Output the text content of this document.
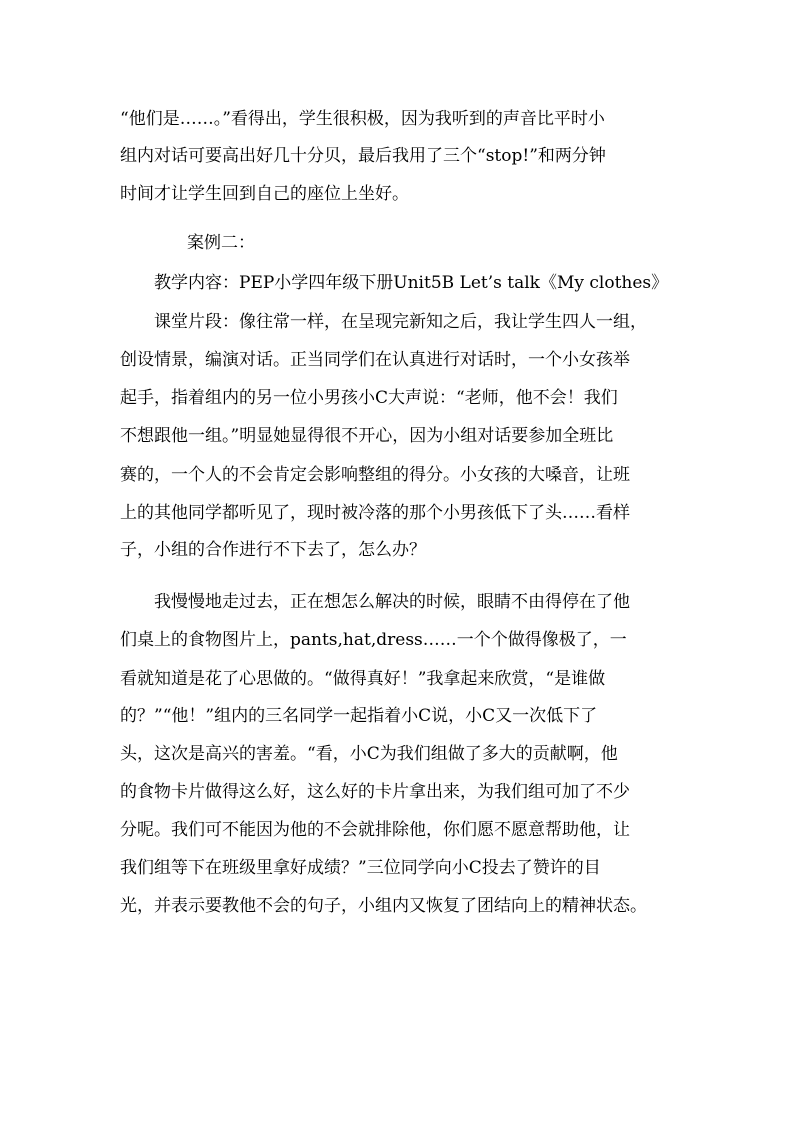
“他们是……。”看得出，学生很积极，因为我听到的声音比平时小
组内对话可要高出好几十分贝，最后我用了三个“stop!”和两分钟
时间才让学生回到自己的座位上坐好。
案例二：
教学内容：PEP小学四年级下册Unit5B Let’s talk《My clothes》
课堂片段：像往常一样，在呈现完新知之后，我让学生四人一组，
创设情景，编演对话。正当同学们在认真进行对话时，一个小女孩举
起手，指着组内的另一位小男孩小C大声说：“老师，他不会！我们
不想跟他一组。”明显她显得很不开心，因为小组对话要参加全班比
赛的，一个人的不会肯定会影响整组的得分。小女孩的大嗓音，让班
上的其他同学都听见了，现时被冷落的那个小男孩低下了头……看样
子，小组的合作进行不下去了，怎么办？
我慢慢地走过去，正在想怎么解决的时候，眼睛不由得停在了他
们桌上的食物图片上，pants,hat,dress……一个个做得像极了，一
看就知道是花了心思做的。“做得真好！”我拿起来欣赏，“是谁做
的？”“他！”组内的三名同学一起指着小C说，小C又一次低下了
头，这次是高兴的害羞。“看，小C为我们组做了多大的贡献啊，他
的食物卡片做得这么好，这么好的卡片拿出来，为我们组可加了不少
分呢。我们可不能因为他的不会就排除他，你们愿不愿意帮助他，让
我们组等下在班级里拿好成绩？”三位同学向小C投去了赞许的目
光，并表示要教他不会的句子，小组内又恢复了团结向上的精神状态。
